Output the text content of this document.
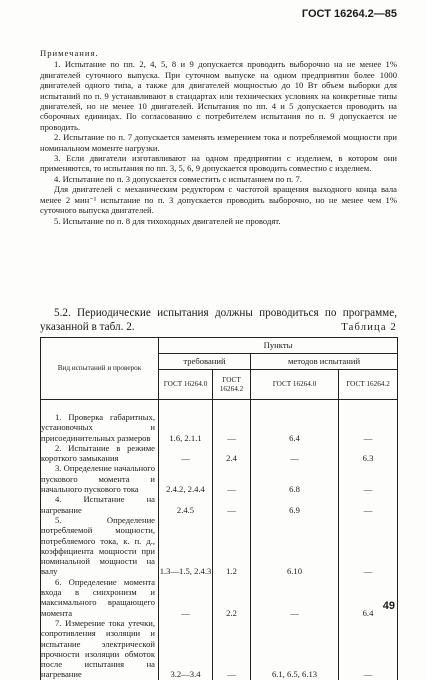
ГОСТ 16264.2—85

Примечания.

1. Испытание по пп. 2, 4, 5, 8 и 9 допускается проводить выборочно на не менее 1% двигателей суточного выпуска. При суточном выпуске на одном предприятии более 1000 двигателей одного типа, а также для двигателей мощностью до 10 Вт объем выборки для испытаний по п. 9 устанавливают в стандартах или технических условиях на конкретные типы двигателей, но не менее 10 двигателей. Испытания по пп. 4 и 5 допускается проводить на сборочных единицах. По согласованию с потребителем испытания по п. 9 допускается не проводить.

2. Испытание по п. 7 допускается заменять измерением тока и потребляемой мощности при номинальном моменте нагрузки.

3. Если двигатели изготавливают на одном предприятии с изделием, в котором они применяются, то испытания по пп. 3, 5, 6, 9 допускается проводить совместно с изделием.

4. Испытание по п. 3 допускается совместить с испытанием по п. 7.

Для двигателей с механическим редуктором с частотой вращения выходного конца вала менее 2 мин⁻¹ испытание по п. 3 допускается проводить выборочно, но не менее чем 1% суточного выпуска двигателей.

5. Испытание по п. 8 для тихоходных двигателей не проводят.

5.2. Периодические испытания должны проводиться по программе, указанной в табл. 2.	Таблица 2
Вид испытаний и проверок	Пункты			
	требований		методов испытаний	
	ГОСТ 16264.0	ГОСТ 16264.2	ГОСТ 16264.0	ГОСТ 16264.2

1. Проверка габаритных, установочных и присоединительных размеров	1.6, 2.1.1	—	6.4	—

2. Испытание в режиме короткого замыкания	—	2.4	—	6.3

3. Определение начального пускового момента и начального пускового тока	2.4.2, 2.4.4	—	6.8	—

4. Испытание на нагревание	2.4.5	—	6.9	—

5. Определение потребляемой мощности, потребляемого тока, к. п. д., коэффициента мощности при номинальной мощности на валу	1.3—1.5, 2.4.3	1.2	6.10	—

6. Определение момента входа в синхронизм и максимального вращающего момента	—	2.2	—	6.4

7. Измерение тока утечки, сопротивления изоляции и испытание электрической прочности изоляции обмоток после испытания на нагревание	3.2—3.4	—	6.1, 6.5, 6.13	—
49
